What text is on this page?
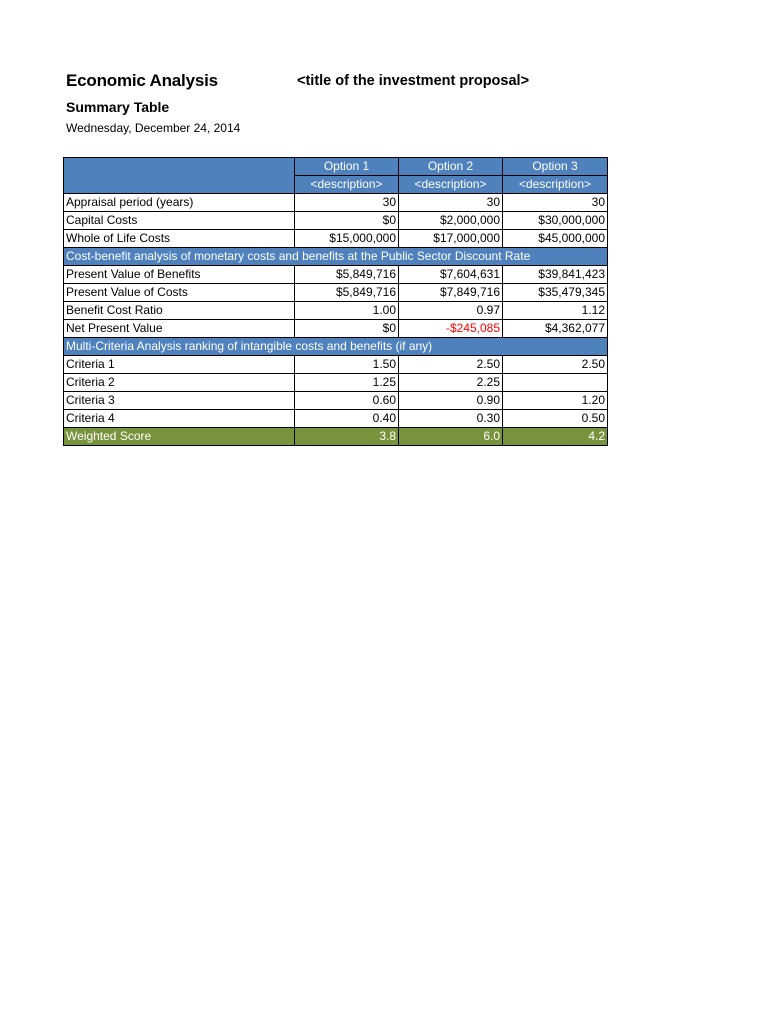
Economic Analysis	<title of the investment proposal>
Summary Table
Wednesday, December 24, 2014
	Option 1	Option 2	Option 3
	<description>	<description>	<description>
Appraisal period (years)	30	30	30
Capital Costs	$0	$2,000,000	$30,000,000
Whole of Life Costs	$15,000,000	$17,000,000	$45,000,000
Cost-benefit analysis of monetary costs and benefits at the Public Sector Discount Rate			
Present Value of Benefits	$5,849,716	$7,604,631	$39,841,423
Present Value of Costs	$5,849,716	$7,849,716	$35,479,345
Benefit Cost Ratio	1.00	0.97	1.12
Net Present Value	$0	-$245,085	$4,362,077
Multi-Criteria Analysis ranking of intangible costs and benefits (if any)			
Criteria 1	1.50	2.50	2.50
Criteria 2	1.25	2.25	
Criteria 3	0.60	0.90	1.20
Criteria 4	0.40	0.30	0.50
Weighted Score	3.8	6.0	4.2
